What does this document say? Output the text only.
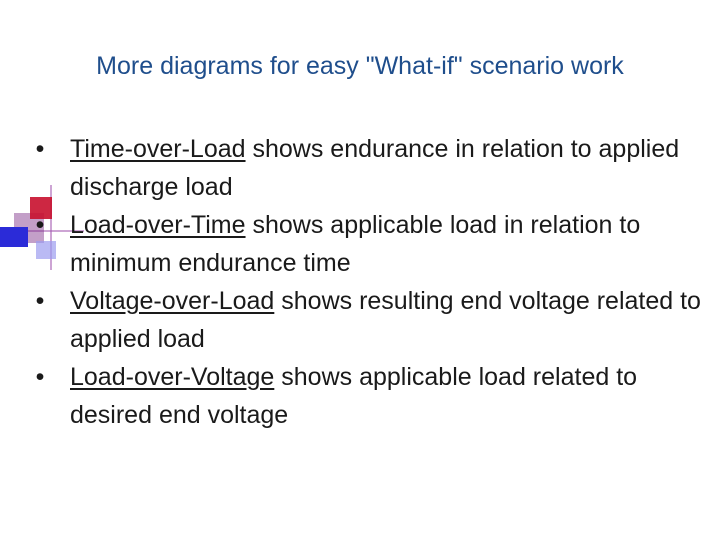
More diagrams for easy "What-if" scenario work
• Time-over-Load shows endurance in relation to applied discharge load
• Load-over-Time shows applicable load in relation to minimum endurance time
• Voltage-over-Load shows resulting end voltage related to applied load
• Load-over-Voltage shows applicable load related to desired end voltage
